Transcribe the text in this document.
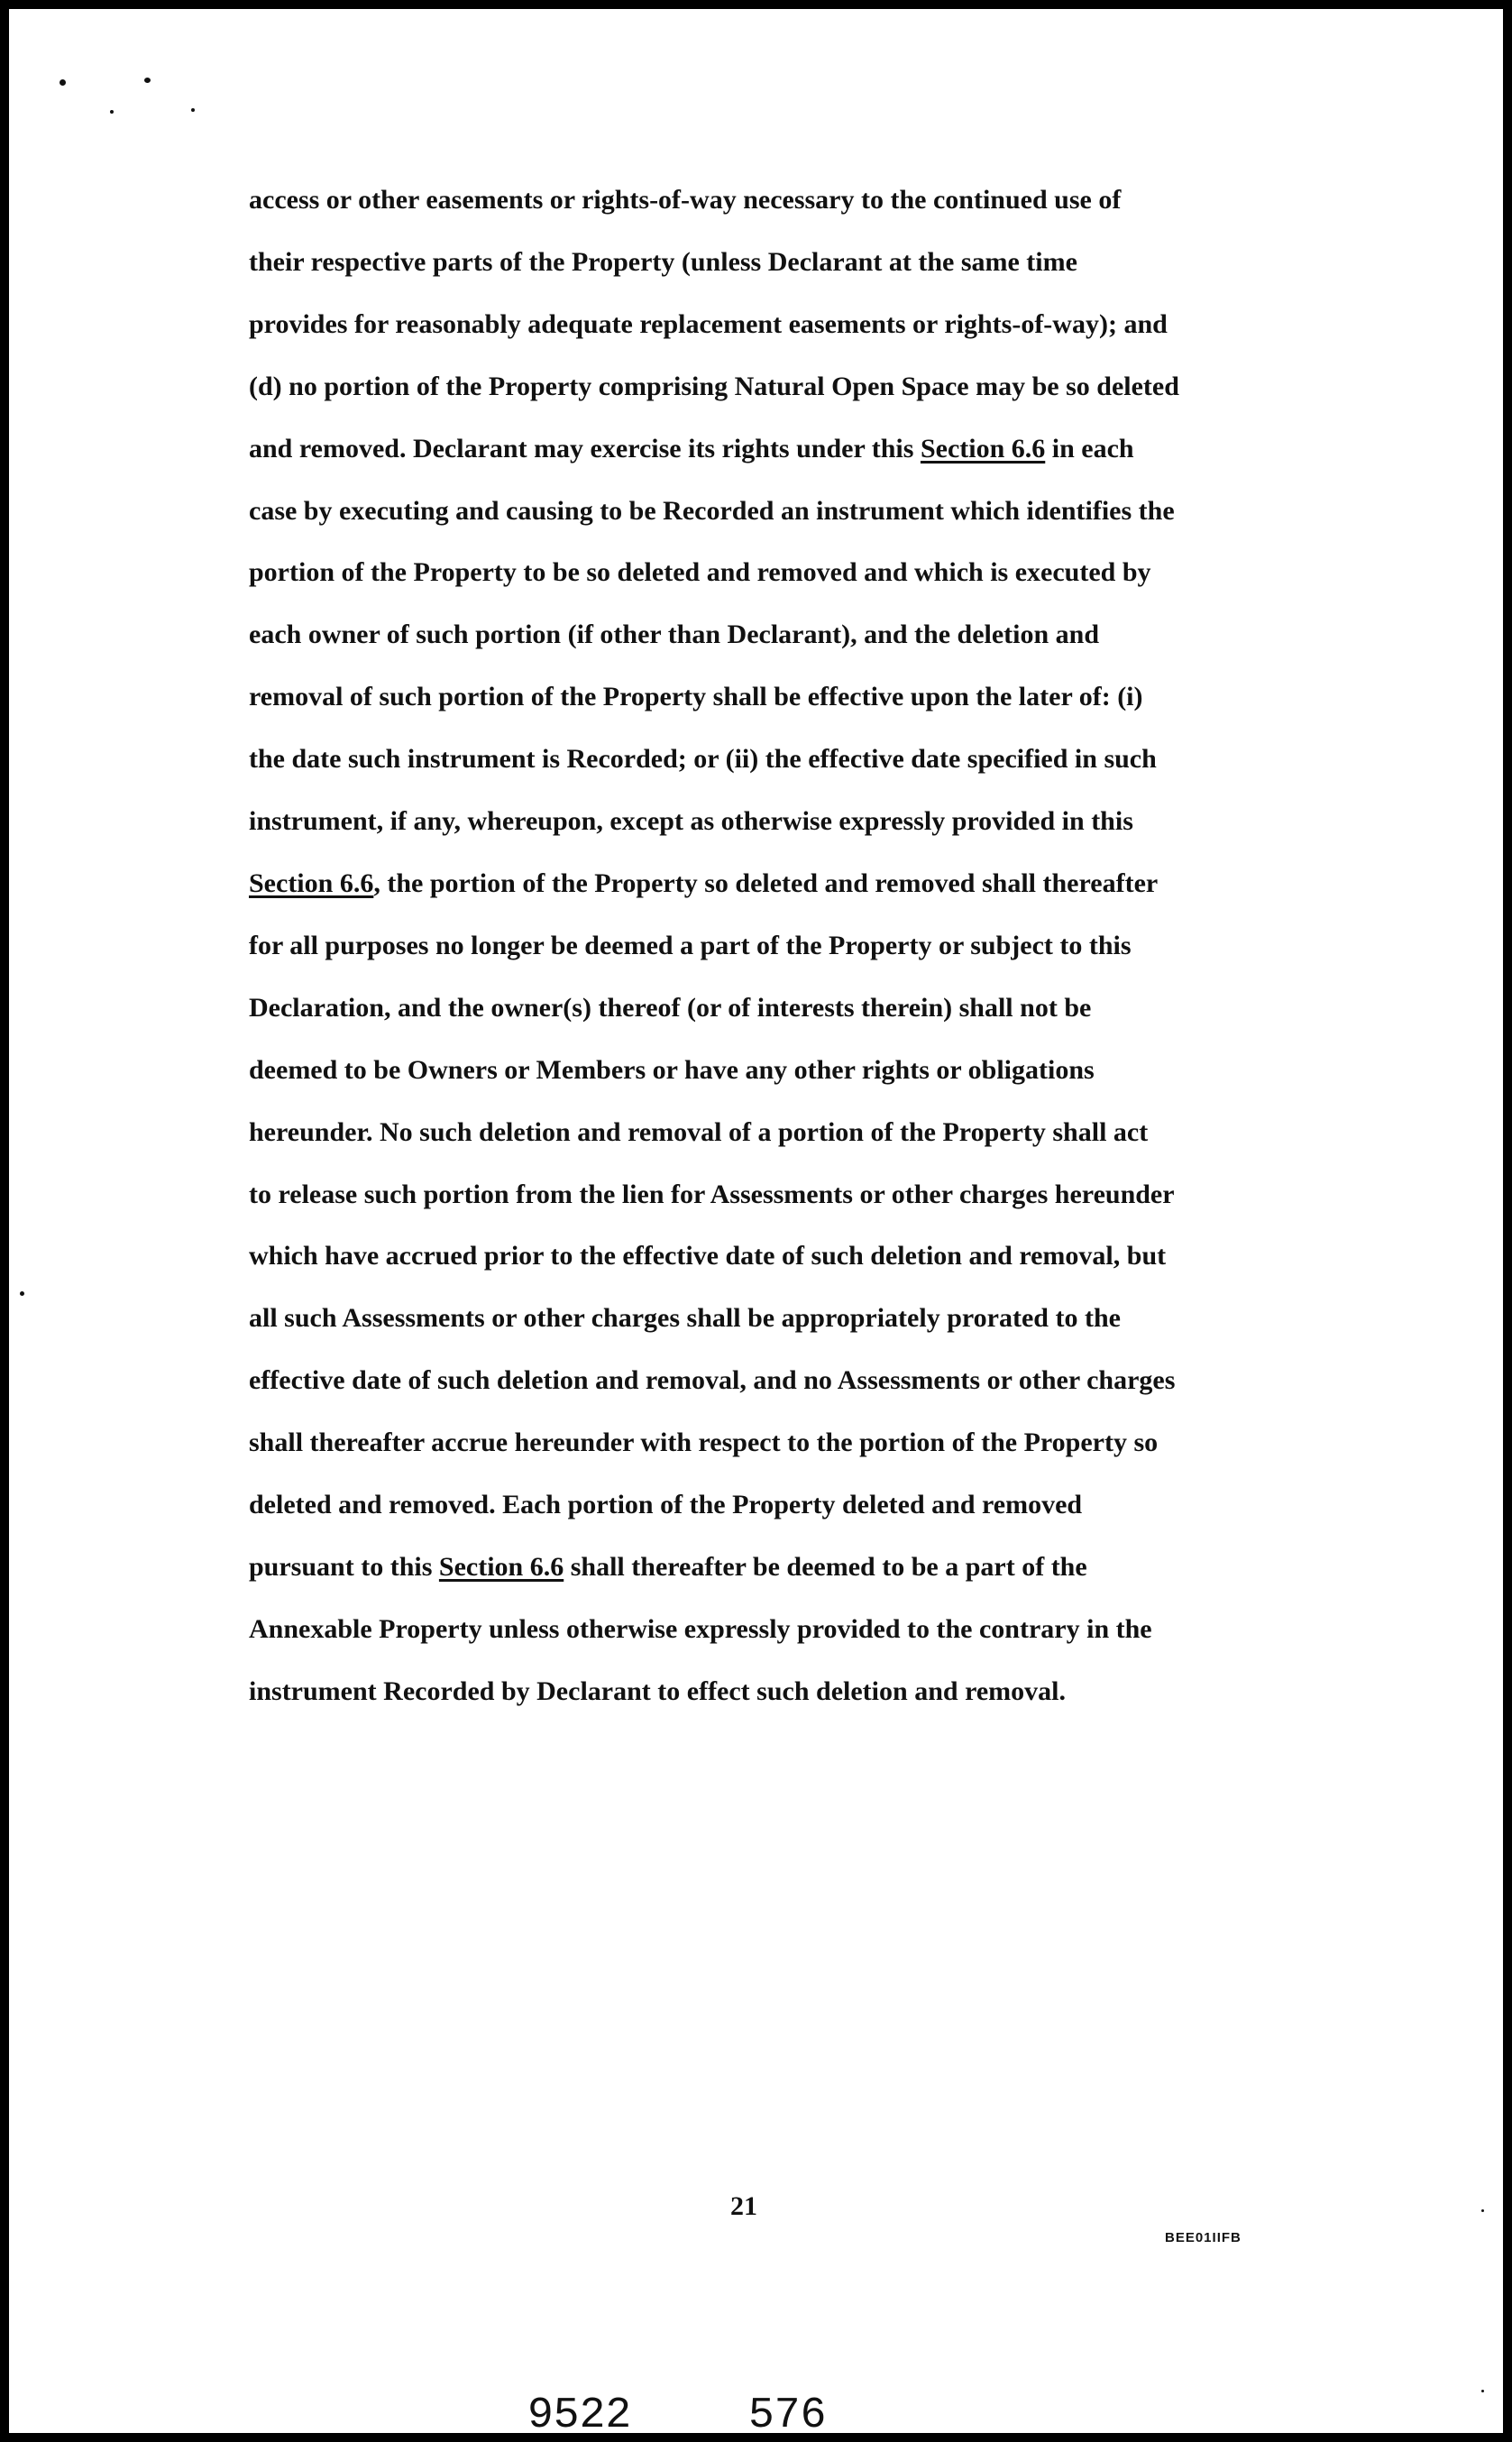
access or other easements or rights-of-way necessary to the continued use of
their respective parts of the Property (unless Declarant at the same time
provides for reasonably adequate replacement easements or rights-of-way); and
(d) no portion of the Property comprising Natural Open Space may be so deleted
and removed. Declarant may exercise its rights under this Section 6.6 in each
case by executing and causing to be Recorded an instrument which identifies the
portion of the Property to be so deleted and removed and which is executed by
each owner of such portion (if other than Declarant), and the deletion and
removal of such portion of the Property shall be effective upon the later of: (i)
the date such instrument is Recorded; or (ii) the effective date specified in such
instrument, if any, whereupon, except as otherwise expressly provided in this
Section 6.6, the portion of the Property so deleted and removed shall thereafter
for all purposes no longer be deemed a part of the Property or subject to this
Declaration, and the owner(s) thereof (or of interests therein) shall not be
deemed to be Owners or Members or have any other rights or obligations
hereunder. No such deletion and removal of a portion of the Property shall act
to release such portion from the lien for Assessments or other charges hereunder
which have accrued prior to the effective date of such deletion and removal, but
all such Assessments or other charges shall be appropriately prorated to the
effective date of such deletion and removal, and no Assessments or other charges
shall thereafter accrue hereunder with respect to the portion of the Property so
deleted and removed. Each portion of the Property deleted and removed
pursuant to this Section 6.6 shall thereafter be deemed to be a part of the
Annexable Property unless otherwise expressly provided to the contrary in the
instrument Recorded by Declarant to effect such deletion and removal.

21
BEE01IIFB
9522	576
